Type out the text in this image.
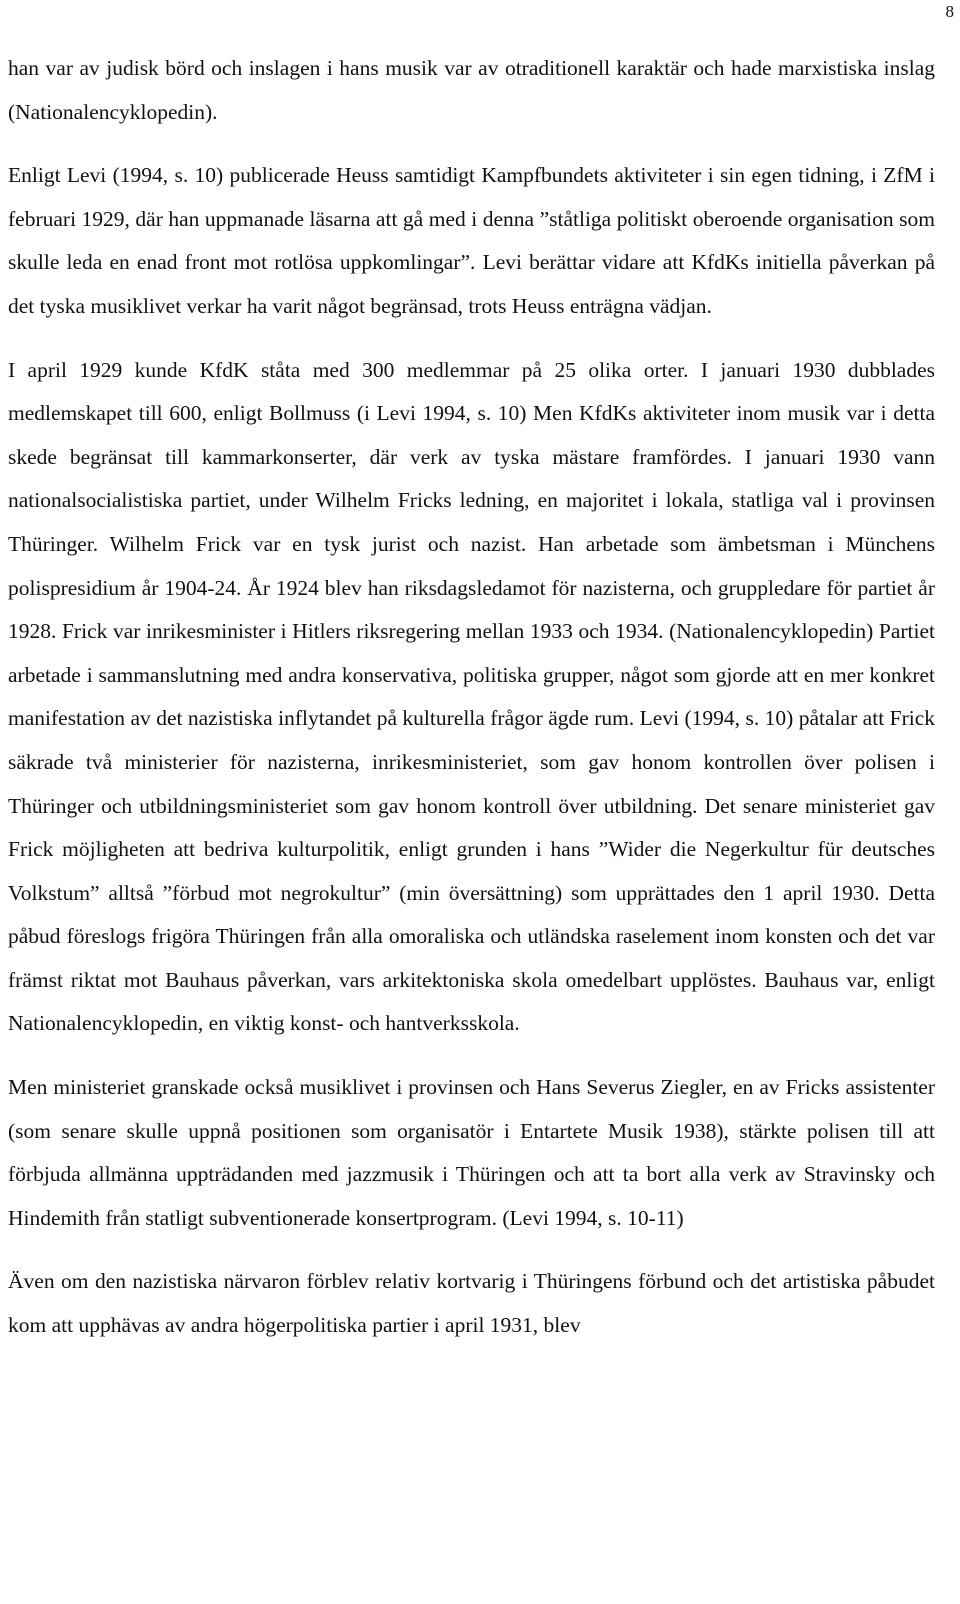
8

han var av judisk börd och inslagen i hans musik var av otraditionell karaktär och hade marxistiska inslag (Nationalencyklopedin).

Enligt Levi (1994, s. 10) publicerade Heuss samtidigt Kampfbundets aktiviteter i sin egen tidning, i ZfM i februari 1929, där han uppmanade läsarna att gå med i denna ”ståtliga politiskt oberoende organisation som skulle leda en enad front mot rotlösa uppkomlingar”. Levi berättar vidare att KfdKs initiella påverkan på det tyska musiklivet verkar ha varit något begränsad, trots Heuss enträgna vädjan.

I april 1929 kunde KfdK ståta med 300 medlemmar på 25 olika orter. I januari 1930 dubblades medlemskapet till 600, enligt Bollmuss (i Levi 1994, s. 10) Men KfdKs aktiviteter inom musik var i detta skede begränsat till kammarkonserter, där verk av tyska mästare framfördes. I januari 1930 vann nationalsocialistiska partiet, under Wilhelm Fricks ledning, en majoritet i lokala, statliga val i provinsen Thüringer. Wilhelm Frick var en tysk jurist och nazist. Han arbetade som ämbetsman i Münchens polispresidium år 1904-24. År 1924 blev han riksdagsledamot för nazisterna, och gruppledare för partiet år 1928. Frick var inrikesminister i Hitlers riksregering mellan 1933 och 1934. (Nationalencyklopedin) Partiet arbetade i sammanslutning med andra konservativa, politiska grupper, något som gjorde att en mer konkret manifestation av det nazistiska inflytandet på kulturella frågor ägde rum. Levi (1994, s. 10) påtalar att Frick säkrade två ministerier för nazisterna, inrikesministeriet, som gav honom kontrollen över polisen i Thüringer och utbildningsministeriet som gav honom kontroll över utbildning. Det senare ministeriet gav Frick möjligheten att bedriva kulturpolitik, enligt grunden i hans ”Wider die Negerkultur für deutsches Volkstum” alltså ”förbud mot negrokultur” (min översättning) som upprättades den 1 april 1930. Detta påbud föreslogs frigöra Thüringen från alla omoraliska och utländska raselement inom konsten och det var främst riktat mot Bauhaus påverkan, vars arkitektoniska skola omedelbart upplöstes. Bauhaus var, enligt Nationalencyklopedin, en viktig konst- och hantverksskola.

Men ministeriet granskade också musiklivet i provinsen och Hans Severus Ziegler, en av Fricks assistenter (som senare skulle uppnå positionen som organisatör i Entartete Musik 1938), stärkte polisen till att förbjuda allmänna uppträdanden med jazzmusik i Thüringen och att ta bort alla verk av Stravinsky och Hindemith från statligt subventionerade konsertprogram. (Levi 1994, s. 10-11)

Även om den nazistiska närvaron förblev relativ kortvarig i Thüringens förbund och det artistiska påbudet kom att upphävas av andra högerpolitiska partier i april 1931, blev
